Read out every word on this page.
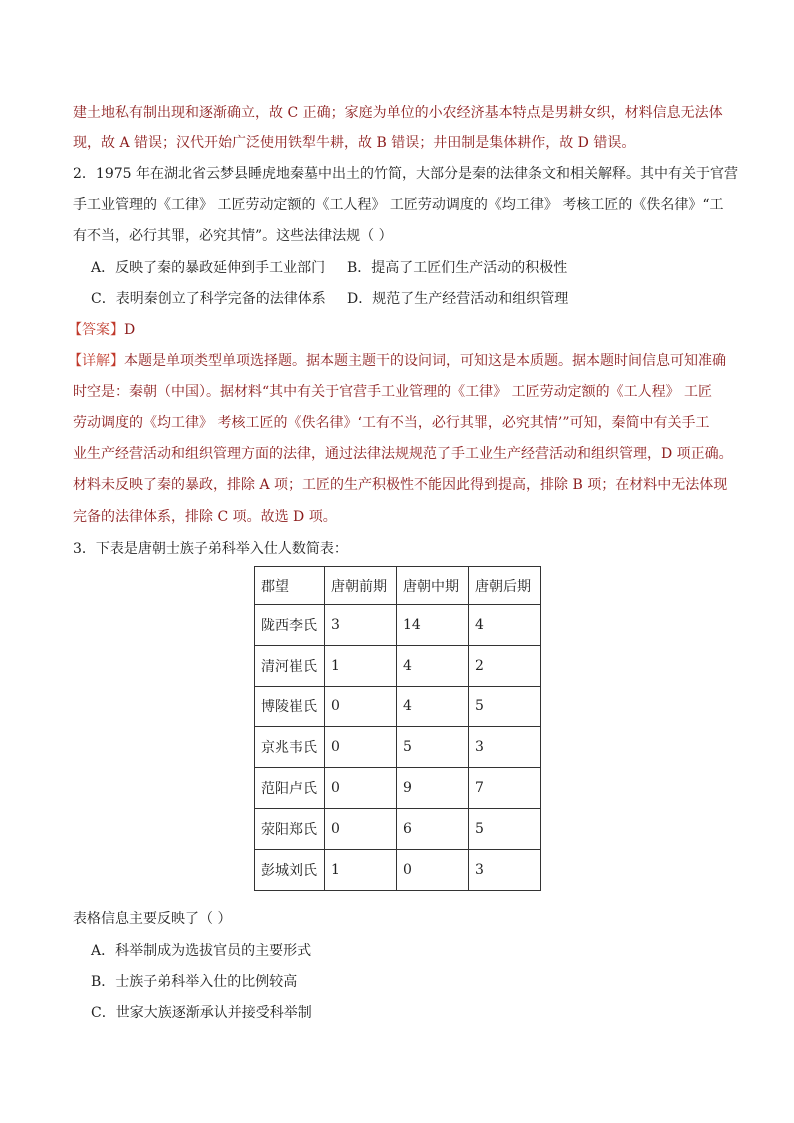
建土地私有制出现和逐渐确立，故 C 正确；家庭为单位的小农经济基本特点是男耕女织，材料信息无法体
现，故 A 错误；汉代开始广泛使用铁犁牛耕，故 B 错误；井田制是集体耕作，故 D 错误。
2．1975 年在湖北省云梦县睡虎地秦墓中出土的竹简，大部分是秦的法律条文和相关解释。其中有关于官营
手工业管理的《工律》 工匠劳动定额的《工人程》 工匠劳动调度的《均工律》 考核工匠的《佚名律》“工
有不当，必行其罪，必究其情”。这些法律法规（ ）
A．反映了秦的暴政延伸到手工业部门 B．提高了工匠们生产活动的积极性
C．表明秦创立了科学完备的法律体系 D．规范了生产经营活动和组织管理
【答案】D
【详解】本题是单项类型单项选择题。据本题主题干的设问词，可知这是本质题。据本题时间信息可知准确
时空是：秦朝（中国）。据材料“其中有关于官营手工业管理的《工律》 工匠劳动定额的《工人程》 工匠
劳动调度的《均工律》 考核工匠的《佚名律》‘工有不当，必行其罪，必究其情’”可知，秦简中有关手工
业生产经营活动和组织管理方面的法律，通过法律法规规范了手工业生产经营活动和组织管理，D 项正确。
材料未反映了秦的暴政，排除 A 项；工匠的生产积极性不能因此得到提高，排除 B 项；在材料中无法体现
完备的法律体系，排除 C 项。故选 D 项。
3．下表是唐朝士族子弟科举入仕人数简表：
郡望	唐朝前期	唐朝中期	唐朝后期
陇西李氏	3	14	4
清河崔氏	1	4	2
博陵崔氏	0	4	5
京兆韦氏	0	5	3
范阳卢氏	0	9	7
荥阳郑氏	0	6	5
彭城刘氏	1	0	3
表格信息主要反映了（ ）
A．科举制成为选拔官员的主要形式
B．士族子弟科举入仕的比例较高
C．世家大族逐渐承认并接受科举制
